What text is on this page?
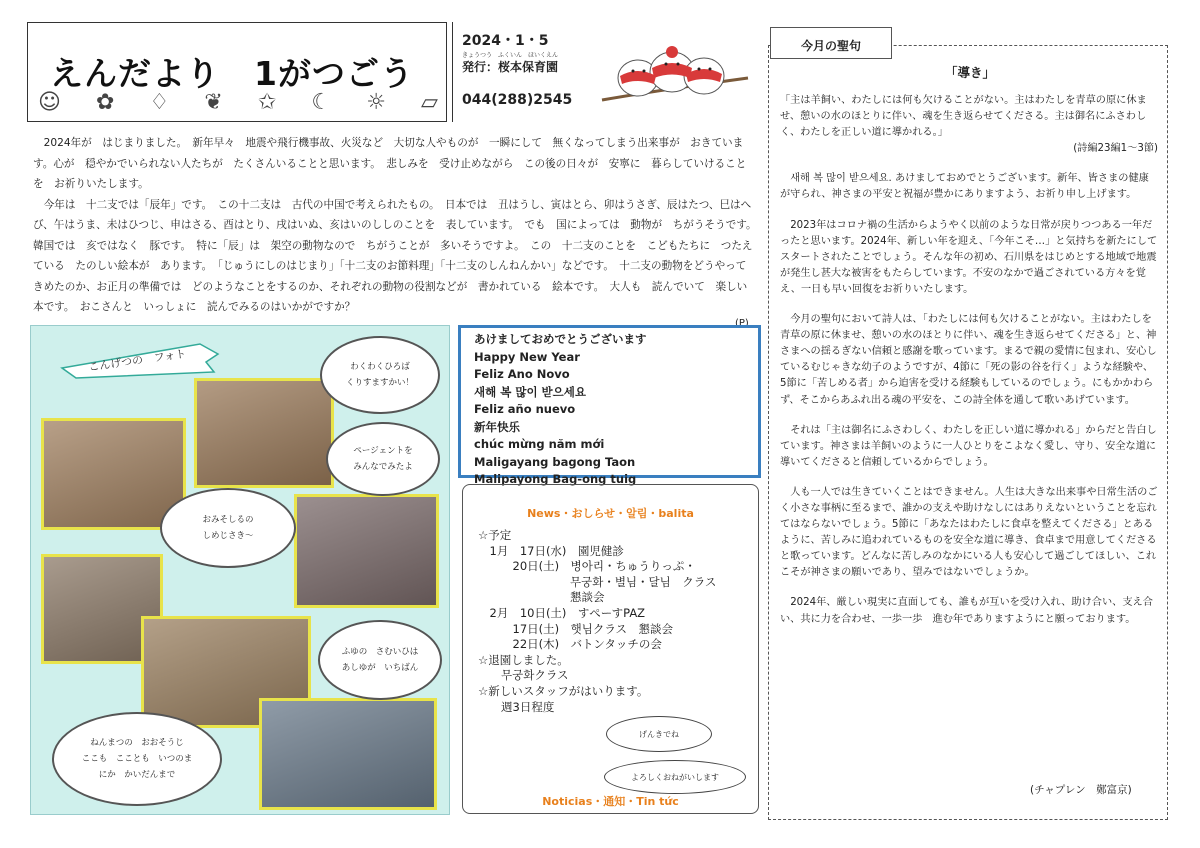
えんだより　1がつごう
☺ ✿ ♢ ❦ ✩ ☾ ☼ ▱
2024・1・5
きょうつう　ふくいん　ほいくえん
発行：桜本保育園
044(288)2545

　2024年が　はじまりました。　新年早々　地震や飛行機事故、火災など　大切な人やものが　一瞬にして　無くなってしまう出来事が　おきています。心が　穏やかでいられない人たちが　たくさんいることと思います。　悲しみを　受け止めながら　この後の日々が　安寧に　暮らしていけることを　お祈りいたします。

　今年は　十二支では「辰年」です。　この十二支は　古代の中国で考えられたもの。　日本では　丑はうし、寅はとら、卯はうさぎ、辰はたつ、巳はへび、午はうま、未はひつじ、申はさる、酉はとり、戌はいぬ、亥はいのししのことを　表しています。　でも　国によっては　動物が　ちがうそうです。　韓国では　亥ではなく　豚です。　特に「辰」は　架空の動物なので　ちがうことが　多いそうですよ。　この　十二支のことを　こどもたちに　つたえている　たのしい絵本が　あります。　「じゅうにしのはじまり」「十二支のお節料理」「十二支のしんねんかい」などです。　十二支の動物をどうやってきめたのか、お正月の準備では　どのようなことをするのか、それぞれの動物の役割などが　書かれている　絵本です。　大人も　読んでいて　楽しい本です。　おこさんと　いっしょに　読んでみるのはいかがですか？

(P)
こんげつの　フォト	わくわくひろば
くりすますかい！
ページェントを
みんなでみたよ
おみそしるの
しめじさき〜
ふゆの　さむいひは
あしゆが　いちばん
ねんまつの　おおそうじ
ここも　こことも　いつのま
にか　かいだんまで
あけましておめでとうございます
Happy New Year
Feliz Ano Novo
새해 복 많이 받으세요
Feliz año nuevo
新年快乐
chúc mừng năm mới
Maligayang bagong Taon
Malipayong Bag-ong tuig
News・おしらせ・알림・balita
☆予定
　1月　17日(水)　園児健診
　　　20日(土)　병아리・ちゅうりっぷ・
　　　　　　　　무궁화・별님・달님　クラス
　　　　　　　　懇談会
　2月　10日(土)　すぺーすPAZ
　　　17日(土)　햇님クラス　懇談会
　　　22日(木)　バトンタッチの会
☆退園しました。
　　무궁화クラス
☆新しいスタッフがはいります。
　　週3日程度
げんきでね
よろしくおねがいします
Noticias・通知・Tin tức
今月の聖句
「導き」

「主は羊飼い、わたしには何も欠けることがない。主はわたしを青草の原に休ませ、憩いの水のほとりに伴い、魂を生き返らせてくださる。主は御名にふさわしく、わたしを正しい道に導かれる。」

(詩編23編1〜3節)

　새해 복 많이 받으세요. あけましておめでとうございます。新年、皆さまの健康が守られ、神さまの平安と祝福が豊かにありますよう、お祈り申し上げます。

　2023年はコロナ禍の生活からようやく以前のような日常が戻りつつある一年だったと思います。2024年、新しい年を迎え、「今年こそ…」と気持ちを新たにしてスタートされたことでしょう。そんな年の初め、石川県をはじめとする地域で地震が発生し甚大な被害をもたらしています。不安のなかで過ごされている方々を覚え、一日も早い回復をお祈りいたします。

　今月の聖句において詩人は、「わたしには何も欠けることがない。主はわたしを青草の原に休ませ、憩いの水のほとりに伴い、魂を生き返らせてくださる」と、神さまへの揺るぎない信頼と感謝を歌っています。まるで親の愛情に包まれ、安心しているむじゃきな幼子のようですが、4節に「死の影の谷を行く」ような経験や、5節に「苦しめる者」から迫害を受ける経験もしているのでしょう。にもかかわらず、そこからあふれ出る魂の平安を、この詩全体を通して歌いあげています。

　それは「主は御名にふさわしく、わたしを正しい道に導かれる」からだと告白しています。神さまは羊飼いのように一人ひとりをこよなく愛し、守り、安全な道に導いてくださると信頼しているからでしょう。

　人も一人では生きていくことはできません。人生は大きな出来事や日常生活のごく小さな事柄に至るまで、誰かの支えや助けなしにはありえないということを忘れてはならないでしょう。5節に「あなたはわたしに食卓を整えてくださる」とあるように、苦しみに追われているものを安全な道に導き、食卓まで用意してくださると歌っています。どんなに苦しみのなかにいる人も安心して過ごしてほしい、これこそが神さまの願いであり、望みではないでしょうか。

　2024年、厳しい現実に直面しても、誰もが互いを受け入れ、助け合い、支え合い、共に力を合わせ、一歩一歩　進む年でありますようにと願っております。

(チャプレン　鄭富京)
